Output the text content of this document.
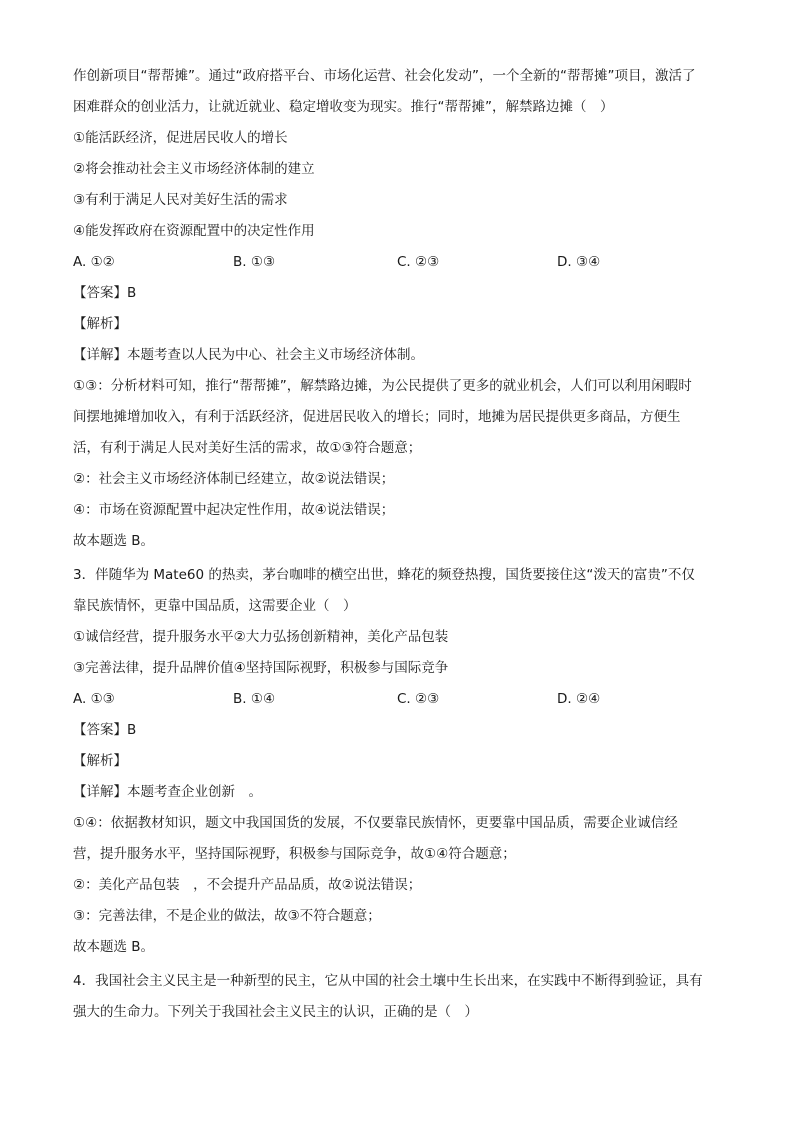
作创新项目“帮帮摊”。通过“政府搭平台、市场化运营、社会化发动”，一个全新的“帮帮摊”项目，激活了
困难群众的创业活力，让就近就业、稳定增收变为现实。推行“帮帮摊”，解禁路边摊（　）
①能活跃经济，促进居民收人的增长
②将会推动社会主义市场经济体制的建立
③有利于满足人民对美好生活的需求
④能发挥政府在资源配置中的决定性作用
A. ①②	B. ①③	C. ②③	D. ③④
【答案】B
【解析】
【详解】本题考查以人民为中心、社会主义市场经济体制。
①③：分析材料可知，推行“帮帮摊”，解禁路边摊，为公民提供了更多的就业机会，人们可以利用闲暇时
间摆地摊增加收入，有利于活跃经济，促进居民收入的增长；同时，地摊为居民提供更多商品，方便生
活，有利于满足人民对美好生活的需求，故①③符合题意；
②：社会主义市场经济体制已经建立，故②说法错误；
④：市场在资源配置中起决定性作用，故④说法错误；
故本题选 B。
3．伴随华为 Mate60 的热卖，茅台咖啡的横空出世，蜂花的频登热搜，国货要接住这“泼天的富贵”不仅
靠民族情怀，更靠中国品质，这需要企业（　）
①诚信经营，提升服务水平②大力弘扬创新精神，美化产品包装
③完善法律，提升品牌价值④坚持国际视野，积极参与国际竞争
A. ①③	B. ①④	C. ②③	D. ②④
【答案】B
【解析】
【详解】本题考查企业创新　。
①④：依据教材知识，题文中我国国货的发展，不仅要靠民族情怀，更要靠中国品质，需要企业诚信经
营，提升服务水平，坚持国际视野，积极参与国际竞争，故①④符合题意；
②：美化产品包装　，不会提升产品品质，故②说法错误；
③：完善法律，不是企业的做法，故③不符合题意；
故本题选 B。
4．我国社会主义民主是一种新型的民主，它从中国的社会土壤中生长出来，在实践中不断得到验证，具有
强大的生命力。下列关于我国社会主义民主的认识，正确的是（　）
